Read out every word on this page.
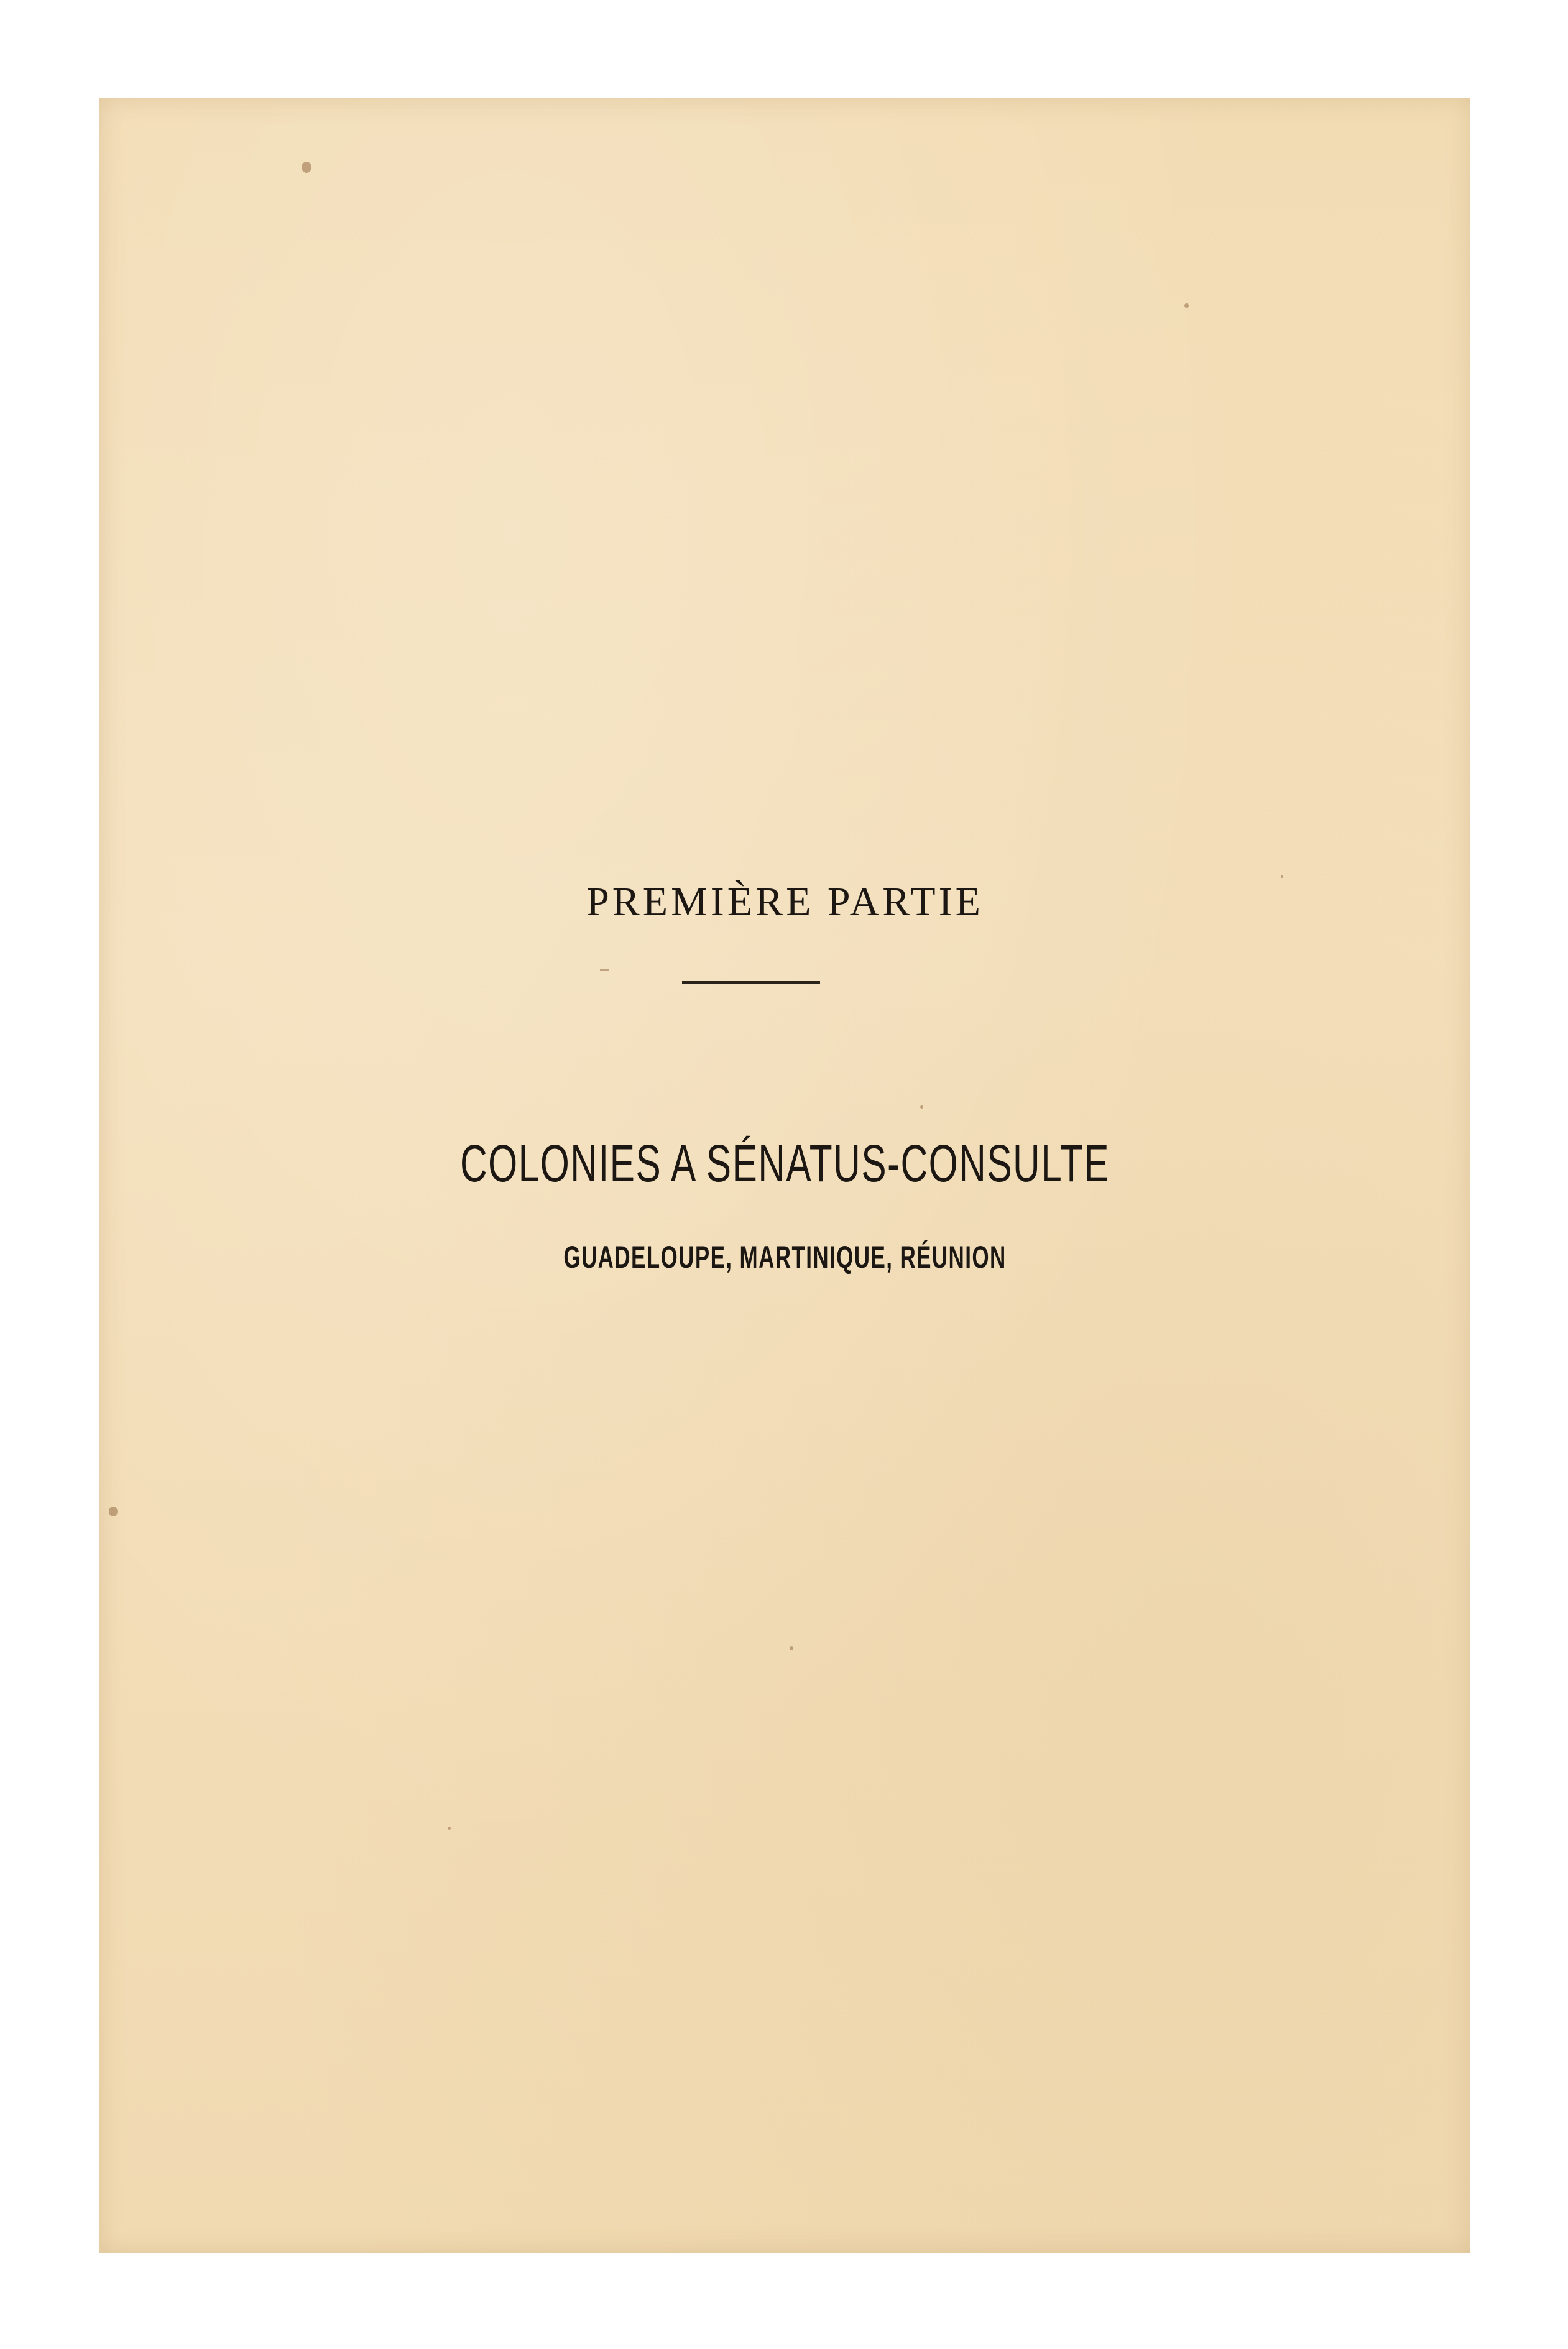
PREMIÈRE PARTIE
COLONIES A SÉNATUS-CONSULTE
GUADELOUPE, MARTINIQUE, RÉUNION
